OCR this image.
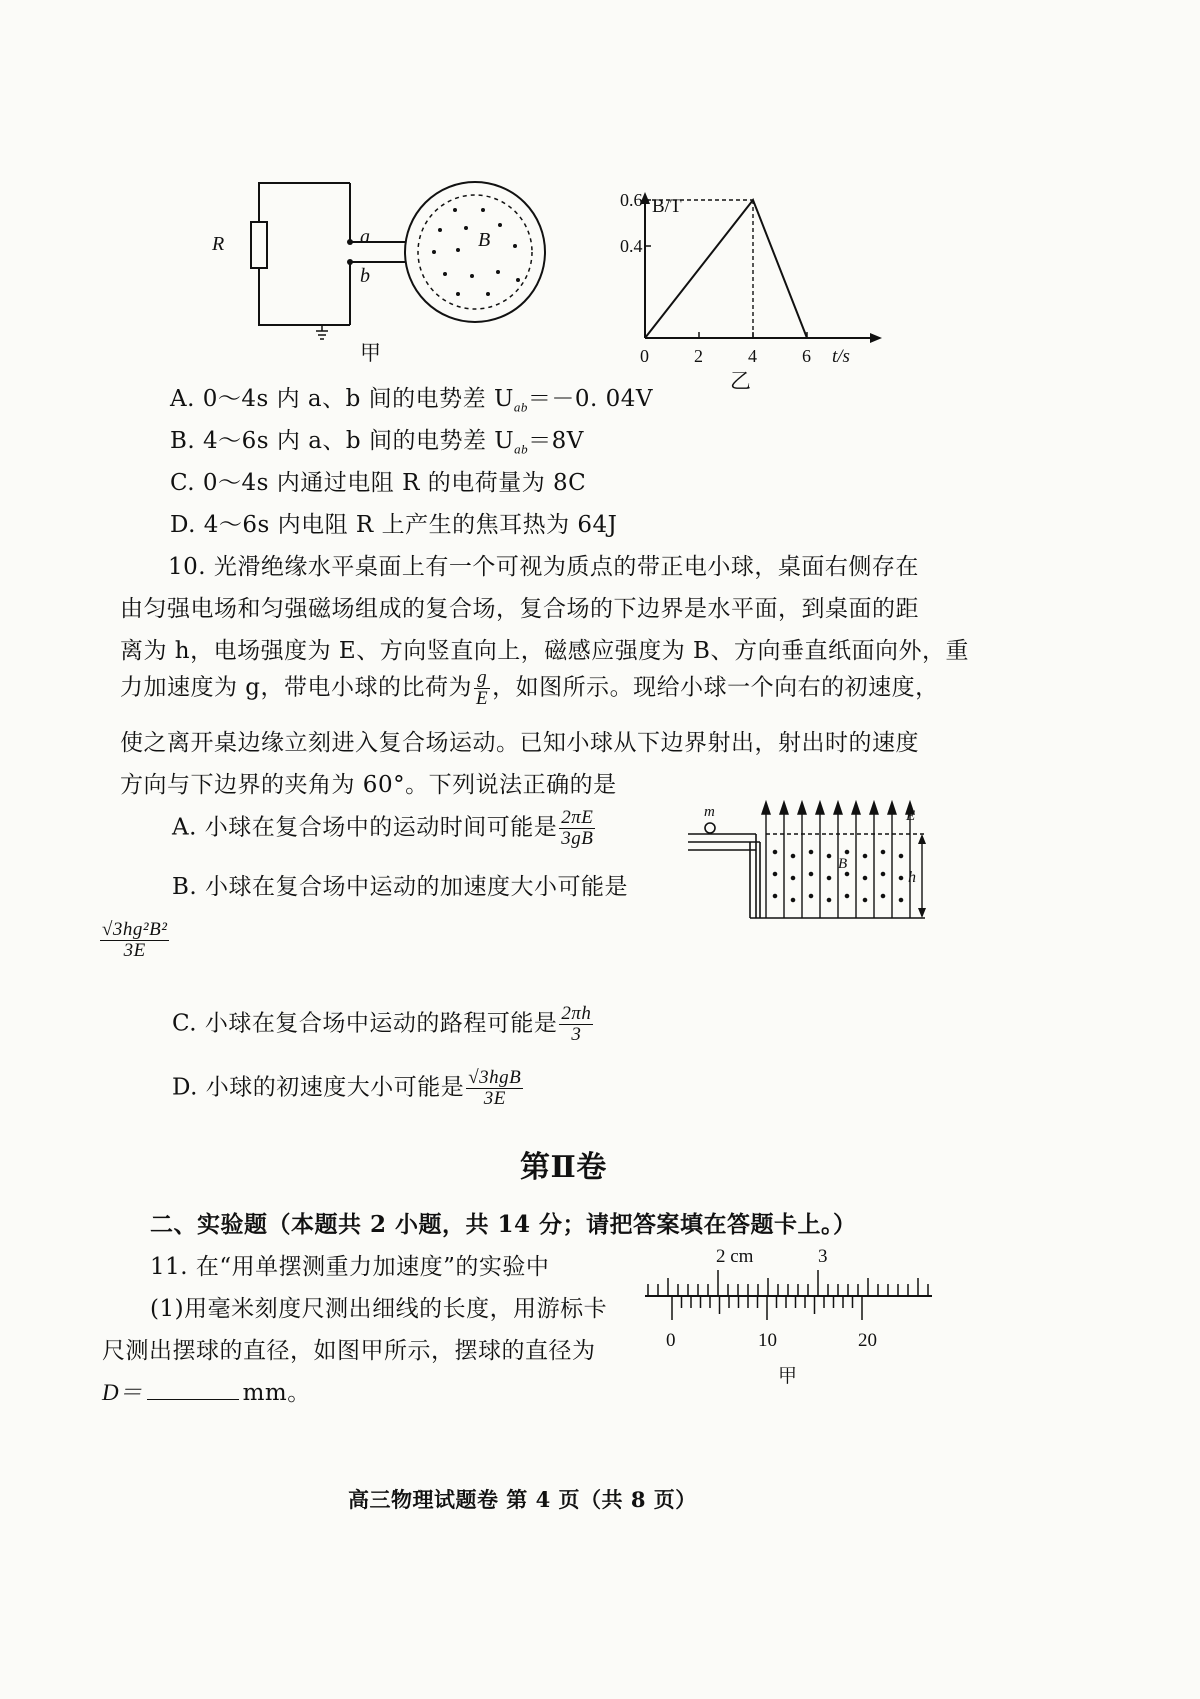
R	a
b
B
甲
B/T
t/s
0.6
0.4
0	2	4	6
乙
A. 0～4s 内 a、b 间的电势差 $U_{ab}=-0$. 04V
B. 4～6s 内 a、b 间的电势差 $U_{ab}=8V$
C. 0～4s 内通过电阻 R 的电荷量为 8C
D. 4～6s 内电阻 R 上产生的焦耳热为 64J
10. 光滑绝缘水平桌面上有一个可视为质点的带正电小球，桌面右侧存在
由匀强电场和匀强磁场组成的复合场，复合场的下边界是水平面，到桌面的距
离为 h，电场强度为 E、方向竖直向上，磁感应强度为 B、方向垂直纸面向外，重
力加速度为 g，带电小球的比荷为 $\frac{g}{E}$ ，如图所示。现给小球一个向右的初速度，
使之离开桌边缘立刻进入复合场运动。已知小球从下边界射出，射出时的速度
方向与下边界的夹角为 60°。下列说法正确的是
A. 小球在复合场中的运动时间可能是 $\frac{2\pi E}{3gB}$
B. 小球在复合场中运动的加速度大小可能是
$\frac{\text{√3hg²B²}}{3E}$
C. 小球在复合场中运动的路程可能是 $\frac{2\pi h}{3}$
D. 小球的初速度大小可能是 $\frac{\text{√3hgB}}{3E}$
m	E
B
h
第Ⅱ卷
二、实验题（本题共 2 小题，共 14 分；请把答案填在答题卡上。）
11. 在“用单摆测重力加速度”的实验中
(1)用毫米刻度尺测出细线的长度，用游标卡
尺测出摆球的直径，如图甲所示，摆球的直径为
D＝	mm。
2 cm	3
0	10	20
甲
高三物理试题卷 第 4 页（共 8 页）
